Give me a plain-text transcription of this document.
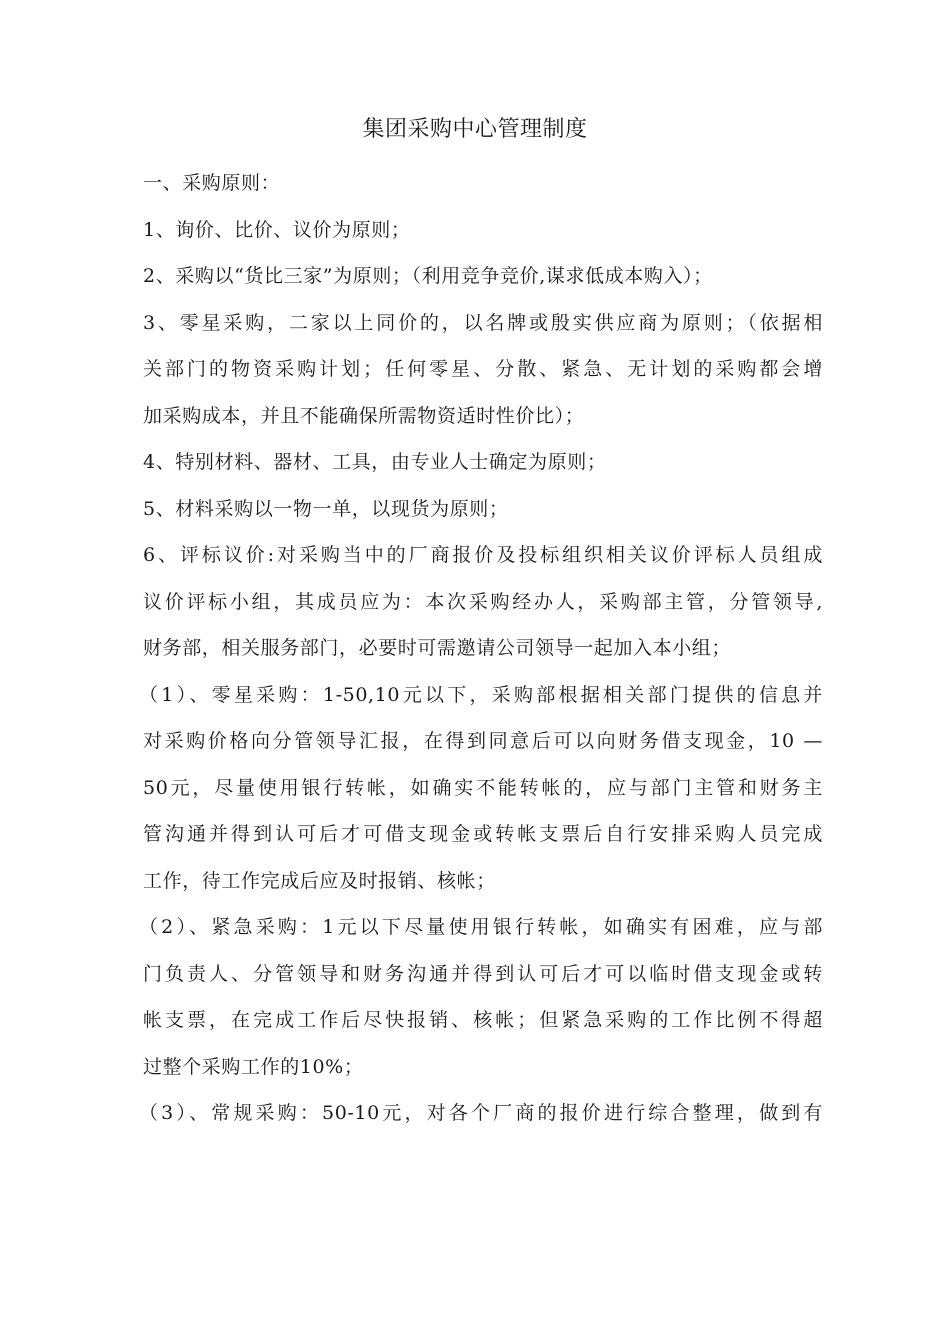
集团采购中心管理制度
一、采购原则：
1、询价、比价、议价为原则；
2、采购以“货比三家”为原则；（利用竞争竞价,谋求低成本购入）；
3、零星采购，二家以上同价的，以名牌或殷实供应商为原则；（依据相
关部门的物资采购计划；任何零星、分散、紧急、无计划的采购都会增
加采购成本，并且不能确保所需物资适时性价比）；
4、特别材料、器材、工具，由专业人士确定为原则；
5、材料采购以一物一单，以现货为原则；
6、评标议价:对采购当中的厂商报价及投标组织相关议价评标人员组成
议价评标小组，其成员应为：本次采购经办人，采购部主管，分管领导,
财务部，相关服务部门，必要时可需邀请公司领导一起加入本小组；
（1）、零星采购：1-50,10元以下，采购部根据相关部门提供的信息并
对采购价格向分管领导汇报，在得到同意后可以向财务借支现金，10 —
50元，尽量使用银行转帐，如确实不能转帐的，应与部门主管和财务主
管沟通并得到认可后才可借支现金或转帐支票后自行安排采购人员完成
工作，待工作完成后应及时报销、核帐；
（2）、紧急采购：1元以下尽量使用银行转帐，如确实有困难，应与部
门负责人、分管领导和财务沟通并得到认可后才可以临时借支现金或转
帐支票，在完成工作后尽快报销、核帐；但紧急采购的工作比例不得超
过整个采购工作的10%；
（3）、常规采购：50-10元，对各个厂商的报价进行综合整理，做到有
